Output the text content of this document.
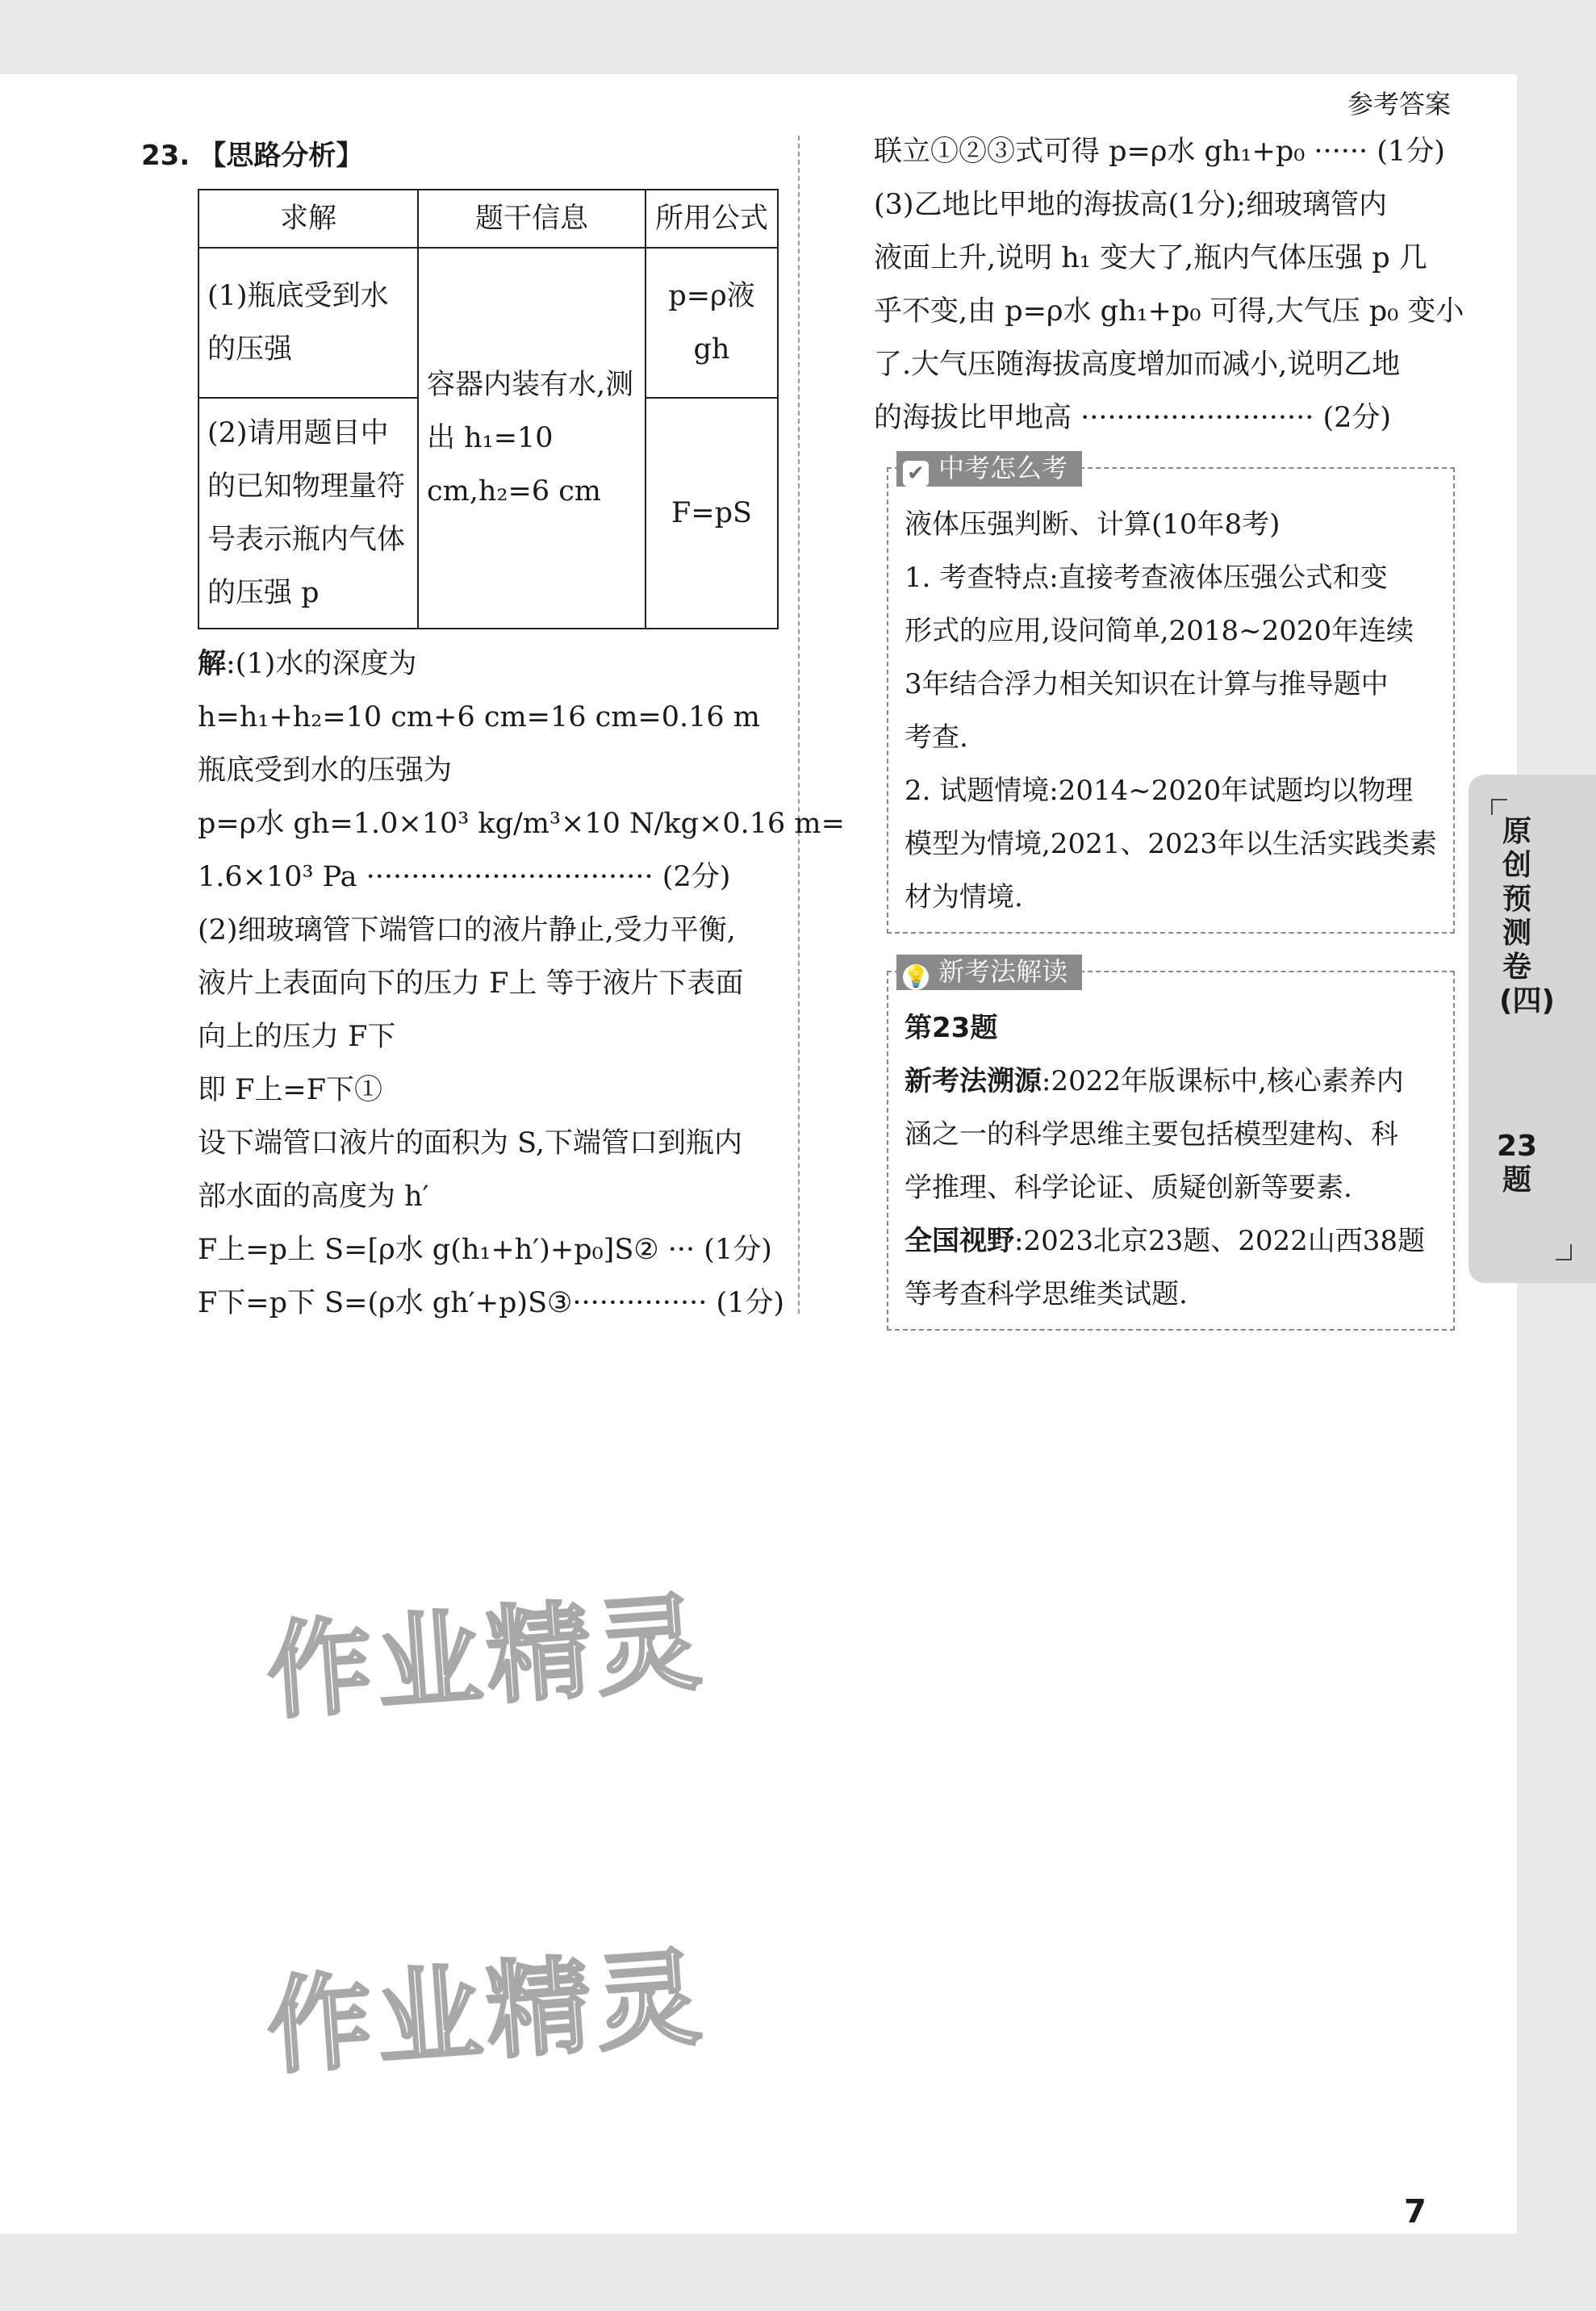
参考答案
23. 【思路分析】
求解	题干信息	所用公式
(1)瓶底受到水的压强	容器内装有水,测出 h₁=10 cm,h₂=6 cm	p=ρ液 gh
(2)请用题目中的已知物理量符号表示瓶内气体的压强 p		F=pS
解:(1)水的深度为
h=h₁+h₂=10 cm+6 cm=16 cm=0.16 m
瓶底受到水的压强为
p=ρ水 gh=1.0×10³ kg/m³×10 N/kg×0.16 m=
1.6×10³ Pa ································ (2分)
(2)细玻璃管下端管口的液片静止,受力平衡,
液片上表面向下的压力 F上 等于液片下表面
向上的压力 F下
即 F上=F下①
设下端管口液片的面积为 S,下端管口到瓶内
部水面的高度为 h′
F上=p上 S=[ρ水 g(h₁+h′)+p₀]S② ··· (1分)
F下=p下 S=(ρ水 gh′+p)S③··············· (1分)
联立①②③式可得 p=ρ水 gh₁+p₀ ······ (1分)
(3)乙地比甲地的海拔高(1分);细玻璃管内
液面上升,说明 h₁ 变大了,瓶内气体压强 p 几
乎不变,由 p=ρ水 gh₁+p₀ 可得,大气压 p₀ 变小
了.大气压随海拔高度增加而减小,说明乙地
的海拔比甲地高 ·························· (2分)
✔ 中考怎么考
液体压强判断、计算(10年8考)
1. 考查特点:直接考查液体压强公式和变
形式的应用,设问简单,2018~2020年连续
3年结合浮力相关知识在计算与推导题中
考查.
2. 试题情境:2014~2020年试题均以物理
模型为情境,2021、2023年以生活实践类素
材为情境.
💡 新考法解读
第23题
新考法溯源:2022年版课标中,核心素养内
涵之一的科学思维主要包括模型建构、科
学推理、科学论证、质疑创新等要素.
全国视野:2023北京23题、2022山西38题
等考查科学思维类试题.
原创预测卷(四)
23题
作业精灵
作业精灵
7
